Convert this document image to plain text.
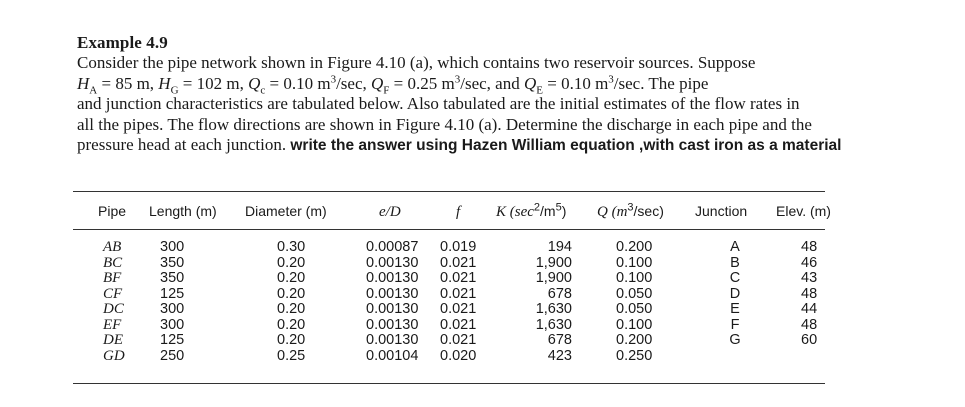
Example 4.9
Consider the pipe network shown in Figure 4.10 (a), which contains two reservoir sources. Suppose
$H_A = 85$ m, $H_G = 102$ m, $Q_c = 0.10$ $m^3/\sec$, $Q_F = 0.25$ $m^3/\sec$, and $Q_E = 0.10$ $m^3/\sec$. The pipe
and junction characteristics are tabulated below. Also tabulated are the initial estimates of the flow rates in
all the pipes. The flow directions are shown in Figure 4.10 (a). Determine the discharge in each pipe and the
pressure head at each junction. write the answer using Hazen William equation ,with cast iron as a material
Pipe Length (m) Diameter (m)	e/D	f K $(\sec^2/m^5)$ Q $(m^3/\sec)$ Junction Elev. (m)
AB
BC
BF
CF
DC
EF
DE
GD
300
350
350
125
300
300
125
250
0.30
0.20
0.20
0.20
0.20
0.20
0.20
0.25
0.00087
0.00130
0.00130
0.00130
0.00130
0.00130
0.00130
0.00104
0.019
0.021
0.021
0.021
0.021
0.021
0.021
0.020
194
1,900
1,900
678
1,630
1,630
678
423
0.200
0.100
0.100
0.050
0.050
0.100
0.200
0.250
A
B
C
D
E
F
G
48
46
43
48
44
48
60
